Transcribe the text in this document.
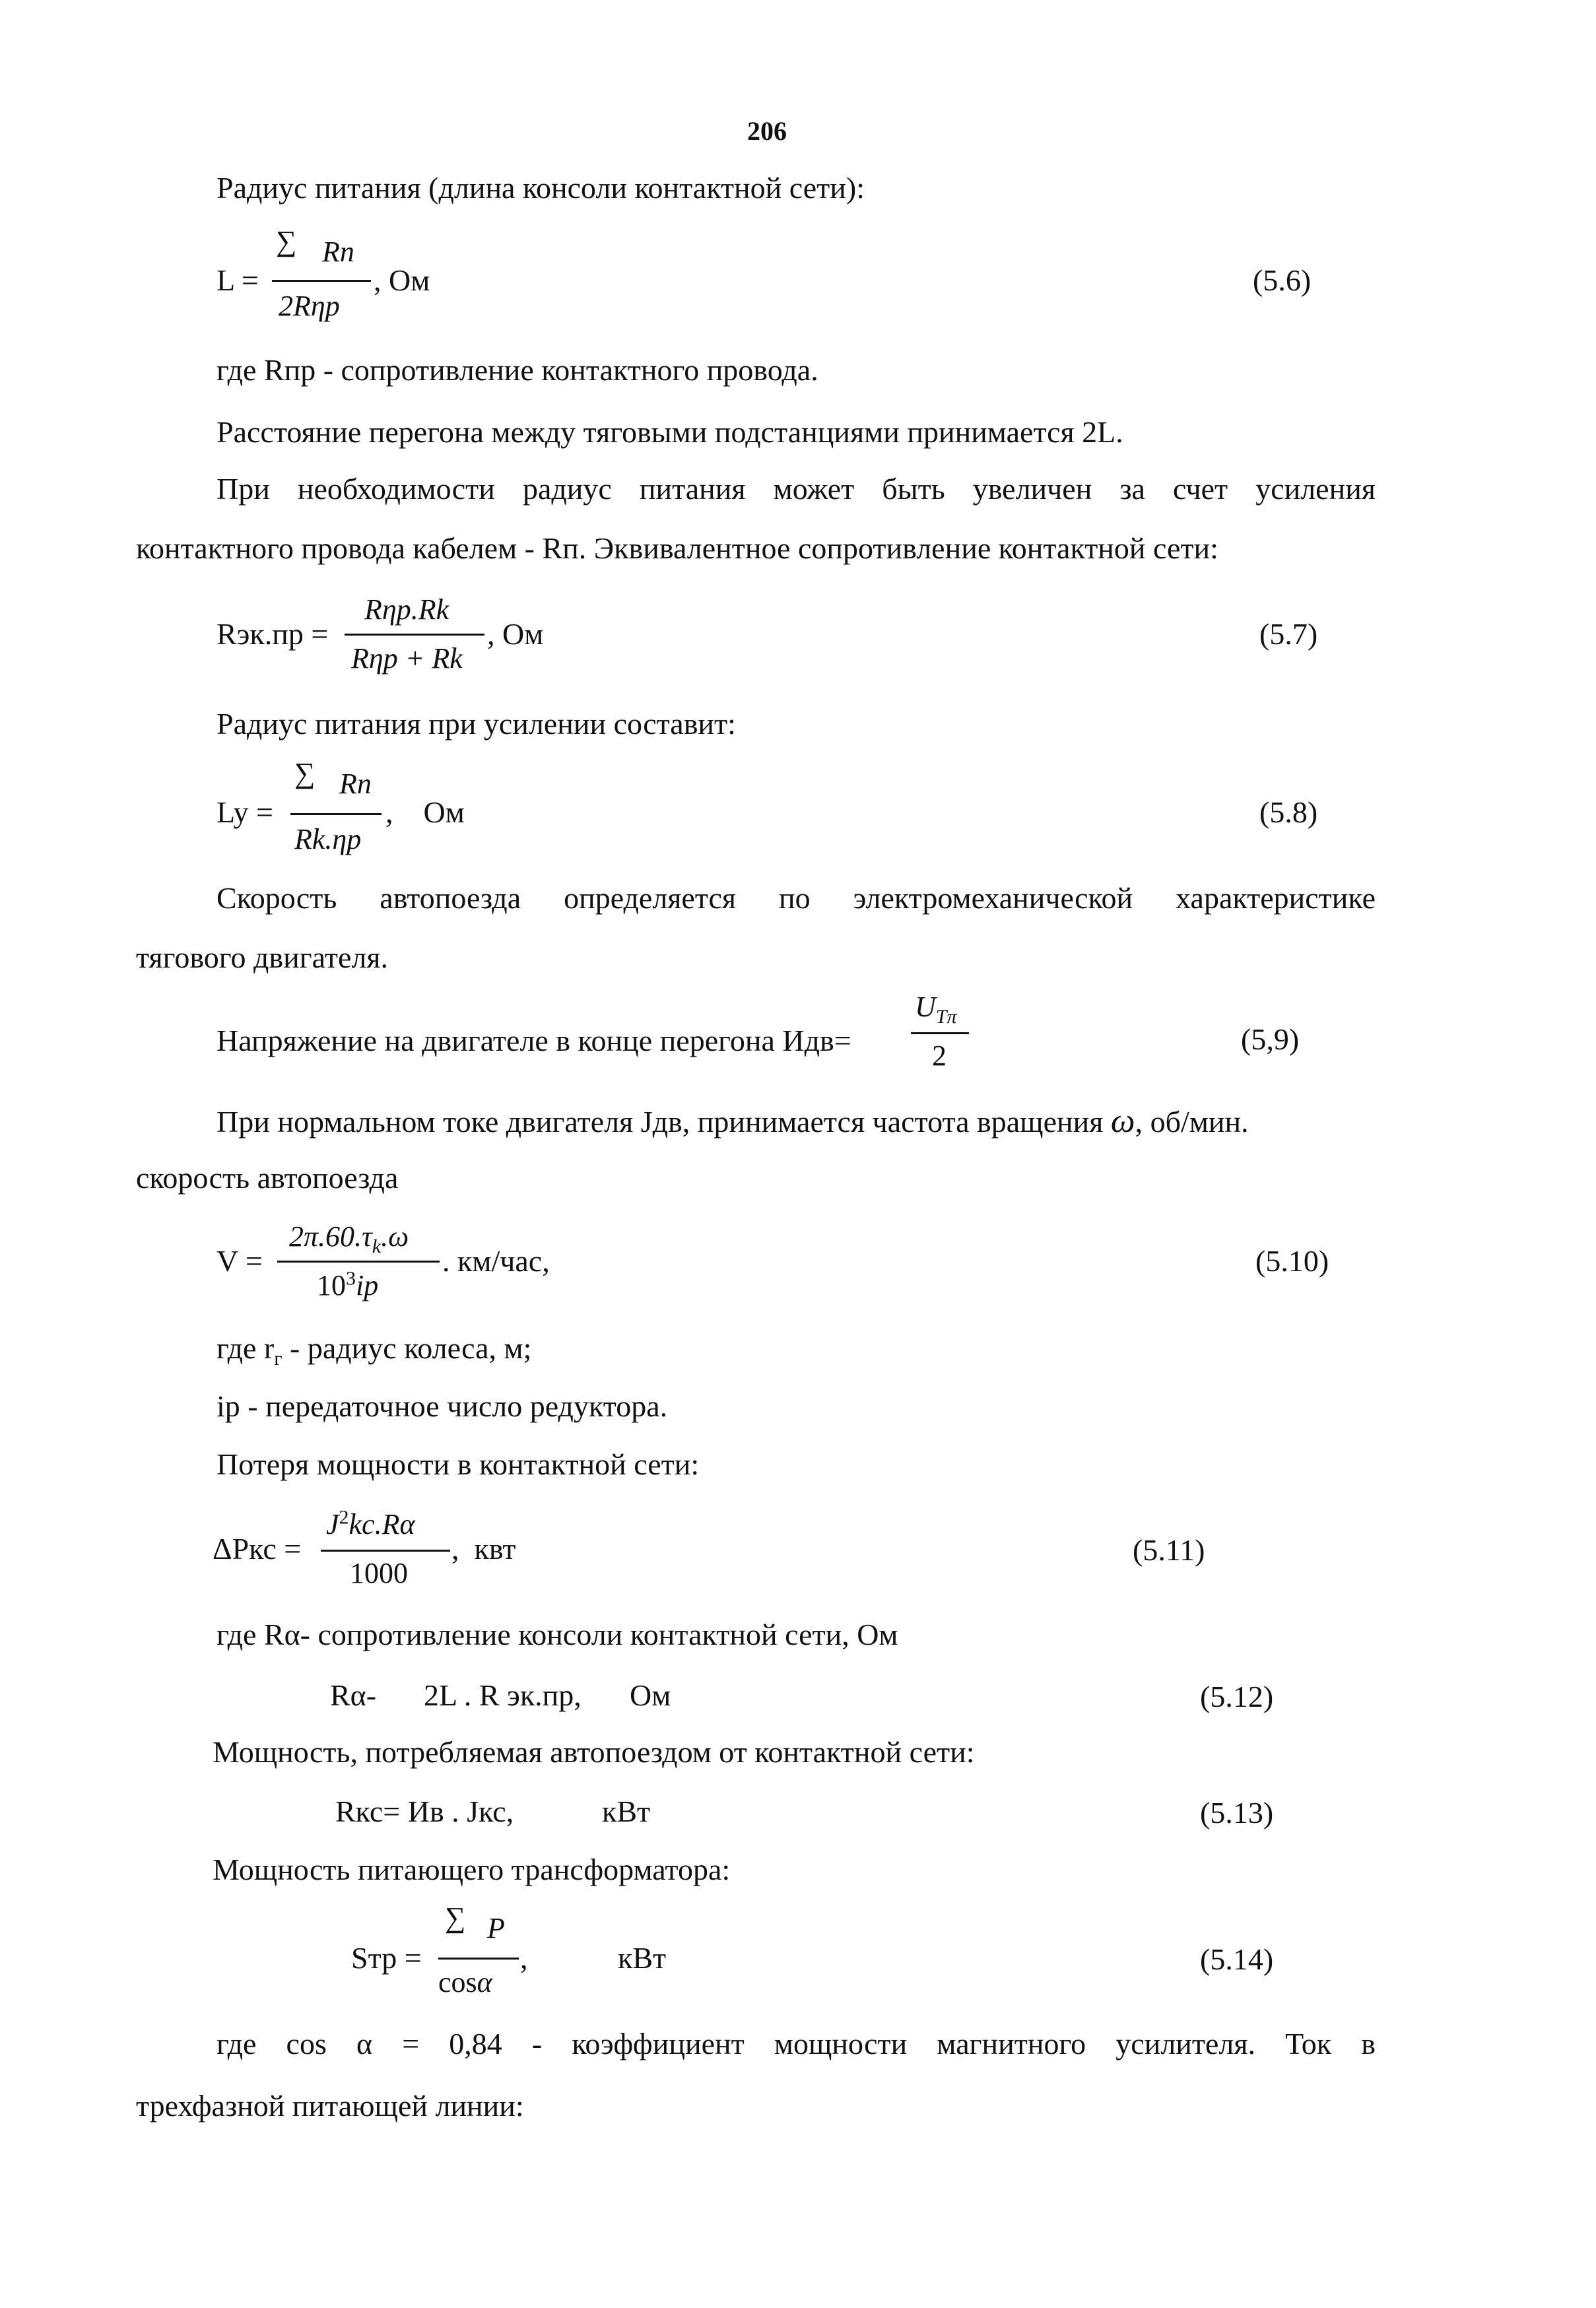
206
Радиус питания (длина консоли контактной сети):
L =
∑ Rn
2Rηp
, Ом	(5.6)
где Rпр - сопротивление контактного провода.
Расстояние перегона между тяговыми подстанциями принимается 2L.
При необходимости радиус питания может быть увеличен за счет усиления
контактного провода кабелем - Rп. Эквивалентное сопротивление контактной сети:
Rэк.пр =
Rηp.Rk
Rηp + Rk
, Ом	(5.7)
Радиус питания при усилении составит:
Ly =
∑ Rn
Rk.ηp
,    Ом	(5.8)
Скорость автопоезда определяется по электромеханической характеристике
тягового двигателя.
Напряжение на двигателе в конце перегона Идв=
$U_{T\pi}$
2	(5,9)
При нормальном токе двигателя Jдв, принимается частота вращения ω, об/мин.
скорость автопоезда
V =
$2\pi.60.\tau_k.\omega$
$10^3ip$
. км/час,	(5.10)
где $r_г$ - радиус колеса, м;
ip - передаточное число редуктора.
Потеря мощности в контактной сети:
ΔPкс =
$J^2kc.R\alpha$
1000
,  квт	(5.11)
где Rα- сопротивление консоли контактной сети, Ом
Rα- 2L . R эк.пр, Ом	(5.12)
Мощность, потребляемая автопоездом от контактной сети:
Rкс= Ив . Jкс,	кВт	(5.13)
Мощность питающего трансформатора:
Sтр =
∑ P
cosα
,	кВт	(5.14)
где cos α = 0,84 - коэффициент мощности магнитного усилителя. Ток в
трехфазной питающей линии:
